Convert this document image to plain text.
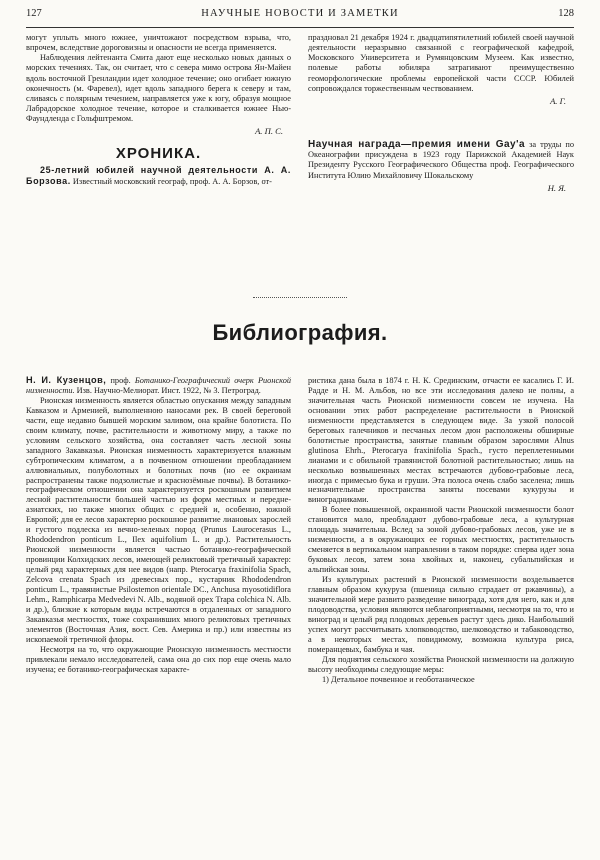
127	НАУЧНЫЕ НОВОСТИ И ЗАМЕТКИ	128

могут уплыть много южнее, уничтожают посредством взрыва, что, впрочем, вследствие дороговизны и опасности не всегда применяется.

Наблюдения лейтенанта Смита дают еще несколько новых данных о морских течениях. Так, он считает, что с севера мимо острова Ян-Майен вдоль восточной Гренландии идет холодное течение; оно огибает южную оконечность (м. Фаревел), идет вдоль западного берега к северу и там, сливаясь с полярным течением, направляется уже к югу, образуя мощное Лабрадорское холодное течение, которое и сталкивается южнее Нью-Фаундленда с Гольфштремом.

А. П. С.
ХРОНИКА.

25-летний юбилей научной деятельности А. А. Борзова. Известный московский географ, проф. А. А. Борзов, от-

праздновал 21 декабря 1924 г. двадцатипятилетний юбилей своей научной деятельности неразрывно связанной с географической кафедрой, Московского Университета и Румянцовским Музеем. Как известно, полевые работы юбиляра затрагивают преимущественно геоморфологические проблемы европейской части СССР. Юбилей сопровождался торжественным чествованием.

А. Г.

Научная награда—премия имени Gay'a за труды по Океанографии присуждена в 1923 году Парижской Академией Наук Президенту Русского Географического Общества проф. Географического Института Юлию Михайловичу Шокальскому

Н. Я.
Библиография.

Н. И. Кузенцов, проф. Ботанико-Географический очерк Рионской низменности. Изв. Научно-Мелиорат. Инст. 1922, № 3. Петроград.

Рионская низменность является областью опускания между западным Кавказом и Арменией, выполненною наносами рек. В своей береговой части, еще недавно бывшей морским заливом, она крайне болотиста. По своим климату, почве, растительности и животному миру, а также по условиям сельского хозяйства, она составляет часть лесной зоны западного Закавказья. Рионская низменность характеризуется влажным субтропическим климатом, а в почвенном отношении преобладанием аллювиальных, полуболотных и болотных почв (но ее окраинам распространены также подзолистые и краснозёмные почвы). В ботанико-географическом отношении она характеризуется роскошным развитием лесной растительности большей частью из форм местных и передне-азиатских, но также многих общих с средней и, особенно, южной Европой; для ее лесов характерно роскошное развитие лиановых зарослей и густого подлеска из вечно-зеленых пород (Prunus Laurocerasus L., Rhododendron ponticum L., Ilex aquifolium L. и др.). Растительность Рионской низменности является частью ботанико-географической провинции Колхидских лесов, имеющей реликтовый третичный характер: целый ряд характерных для нее видов (напр. Pterocarya fraxinifolia Spach, Zelcova crenata Spach из древесных пор., кустарник Rhododendron ponticum L., травянистые Psilostemon orientale DC., Anchusa myosotidiflora Lehm., Ramphicarpa Medvedevi N. Alb., водяной орех Trapa colchica N. Alb. и др.), близкие к которым виды встречаются в отдаленных от западного Закавказья местностях, тоже сохранивших много реликтовых третичных элементов (Восточная Азия, вост. Сев. Америка и пр.) или известны из ископаемой третичной флоры.

Несмотря на то, что окружающие Рионскую низменность местности привлекали немало исследователей, сама она до сих пор еще очень мало изучена; ее ботанико-географическая характе-

ристика дана была в 1874 г. Н. К. Срединским, отчасти ее касались Г. И. Радде и Н. М. Альбов, но все эти исследования далеко не полны, а значительная часть Рионской низменности совсем не изучена. На основании этих работ распределение растительности в Рионской низменности представляется в следующем виде. За узкой полосой береговых галечников и песчаных лесом дюн расположены обширные болотистые пространства, занятые главным образом зарослями Alnus glutinosa Ehrh., Pterocarya fraxinifolia Spach., густо переплетенными лианами и с обильной травянистой болотной растительностью; лишь на несколько возвышенных местах встречаются дубово-грабовые леса, иногда с примесью бука и груши. Эта полоса очень слабо заселена; лишь незначительные пространства заняты посевами кукурузы и виноградниками.

В более повышенной, окраинной части Рионской низменности болот становится мало, преобладают дубово-грабовые леса, а культурная площадь значительна. Вслед за зоной дубово-грабовых лесов, уже не в низменности, а в окружающих ее горных местностях, растительность сменяется в вертикальном направлении в таком порядке: сперва идет зона буковых лесов, затем зона хвойных и, наконец, субальпийская и альпийская зоны.

Из культурных растений в Рионской низменности возделывается главным образом кукуруза (пшеница сильно страдает от ржавчины), а значительной мере развито разведение винограда, хотя для него, как и для плодоводства, условия являются неблагоприятными, несмотря на то, что и виноград и целый ряд плодовых деревьев растут здесь дико. Наибольший успех могут рассчитывать хлопководство, шелководство и табаководство, а в некоторых местах, повидимому, возможна культура риса, померанцевых, бамбука и чая.

Для поднятия сельского хозяйства Рионской низменности на должную высоту необходимы следующие меры:

1) Детальное почвенное и геоботаническое
